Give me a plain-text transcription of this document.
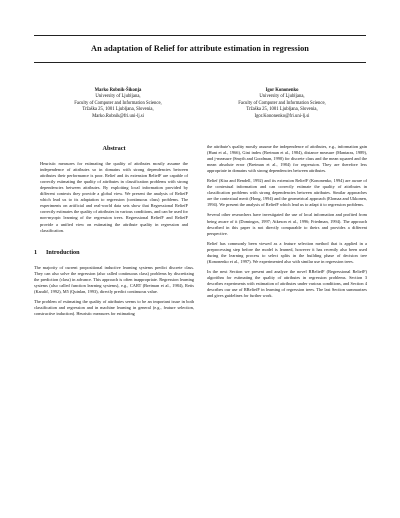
An adaptation of Relief for attribute estimation in regression
Marko Robnik-Šikonja
University of Ljubljana,
Faculty of Computer and Information Science,
Tržaška 25, 1001 Ljubljana, Slovenia,
Marko.Robnik@fri.uni-lj.si
Igor Kononenko
University of Ljubljana,
Faculty of Computer and Information Science,
Tržaška 25, 1001 Ljubljana, Slovenia,
Igor.Kononenko@fri.uni-lj.si
Abstract

Heuristic measures for estimating the quality of attributes mostly assume the independence of attributes so in domains with strong dependencies between attributes their performance is poor. Relief and its extension ReliefF are capable of correctly estimating the quality of attributes in classification problems with strong dependencies between attributes. By exploiting local information provided by different contexts they provide a global view. We present the analysis of ReliefF which lead us to its adaptation to regression (continuous class) problems. The experiments on artificial and real-world data sets show that Regressional ReliefF correctly estimates the quality of attributes in various conditions, and can be used for non-myopic learning of the regression trees. Regressional ReliefF and ReliefF provide a unified view on estimating the attribute quality in regression and classification.

1 Introduction

The majority of current propositional inductive learning systems predict discrete class. They can also solve the regression (also called continuous class) problems by discretizing the prediction (class) in advance. This approach is often inappropriate. Regression learning systems (also called function learning systems), e.g., CART (Breiman et al., 1984), Retis (Karalič, 1992), M5 (Quinlan, 1993), directly predict continuous value.

The problem of estimating the quality of attributes seems to be an important issue in both classification and regression and in machine learning in general (e.g., feature selection, constructive induction). Heuristic measures for estimating

the attribute's quality mostly assume the independence of attributes, e.g., information gain (Hunt et al., 1966), Gini index (Breiman et al., 1984), distance measure (Mantaras, 1989), and j-measure (Smyth and Goodman, 1990) for discrete class and the mean squared and the mean absolute error (Breiman et al., 1984) for regression. They are therefore less appropriate in domains with strong dependencies between attributes.

Relief (Kira and Rendell, 1992) and its extension ReliefF (Kononenko, 1994) are aware of the contextual information and can correctly estimate the quality of attributes in classification problems with strong dependencies between attributes. Similar approaches are the contextual merit (Hong, 1994) and the geometrical approach (Elomaa and Ukkonen, 1994). We present the analysis of ReliefF which lead us to adapt it to regression problems.

Several other researchers have investigated the use of local information and profited from being aware of it (Domingos, 1997; Atkeson et al., 1996; Friedman, 1994). The approach described in this paper is not directly comparable to theirs and provides a different perspective.

Relief has commonly been viewed as a feature selection method that is applied in a preprocessing step before the model is learned, however it has recently also been used during the learning process to select splits in the building phase of decision tree (Kononenko et al., 1997). We experimented also with similar use in regression trees.

In the next Section we present and analyze the novel RReliefF (Regressional ReliefF) algorithm for estimating the quality of attributes in regression problems. Section 3 describes experiments with estimation of attributes under various conditions, and Section 4 describes our use of RReliefF in learning of regression trees. The last Section summarizes and gives guidelines for further work.
